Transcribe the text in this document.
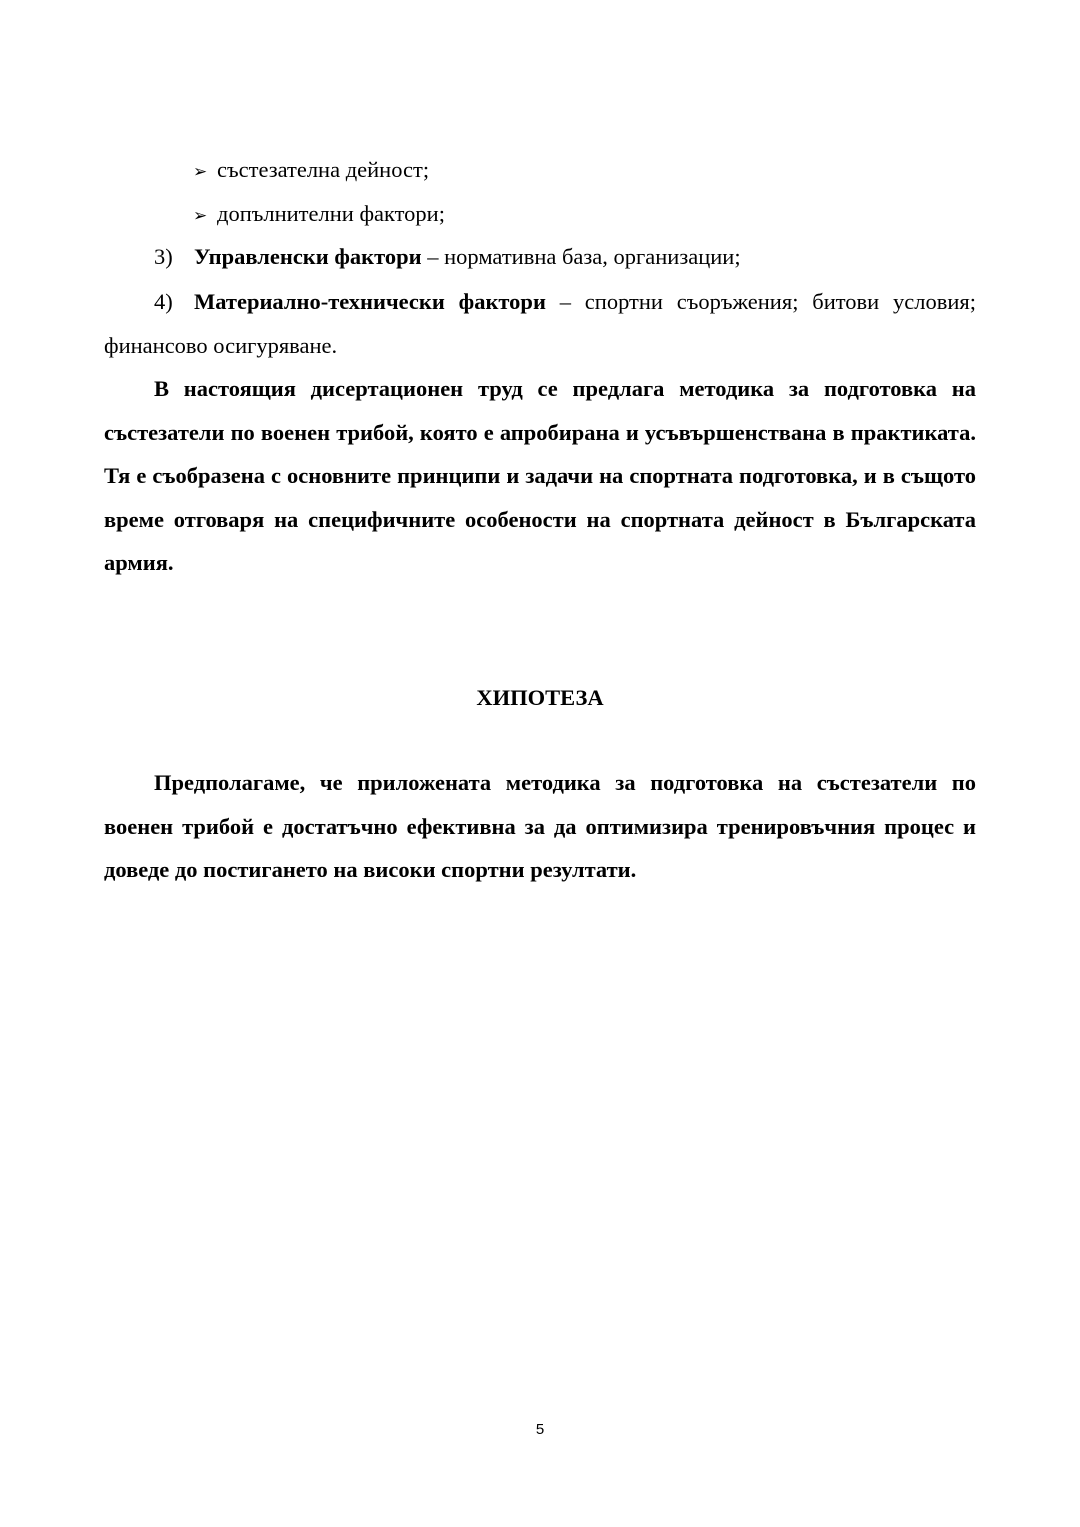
➢ състезателна дейност;
➢ допълнителни фактори;
3) Управленски фактори – нормативна база, организации;
4) Материално-технически фактори – спортни съоръжения; битови условия; финансово осигуряване.
В настоящия дисертационен труд се предлага методика за подготовка на състезатели по военен трибой, която е апробирана и усъвършенствана в практиката. Тя е съобразена с основните принципи и задачи на спортната подготовка, и в същото време отговаря на специфичните особености на спортната дейност в Българската армия.
ХИПОТЕЗА
Предполагаме, че приложената методика за подготовка на състезатели по военен трибой е достатъчно ефективна за да оптимизира тренировъчния процес и доведе до постигането на високи спортни резултати.
5
